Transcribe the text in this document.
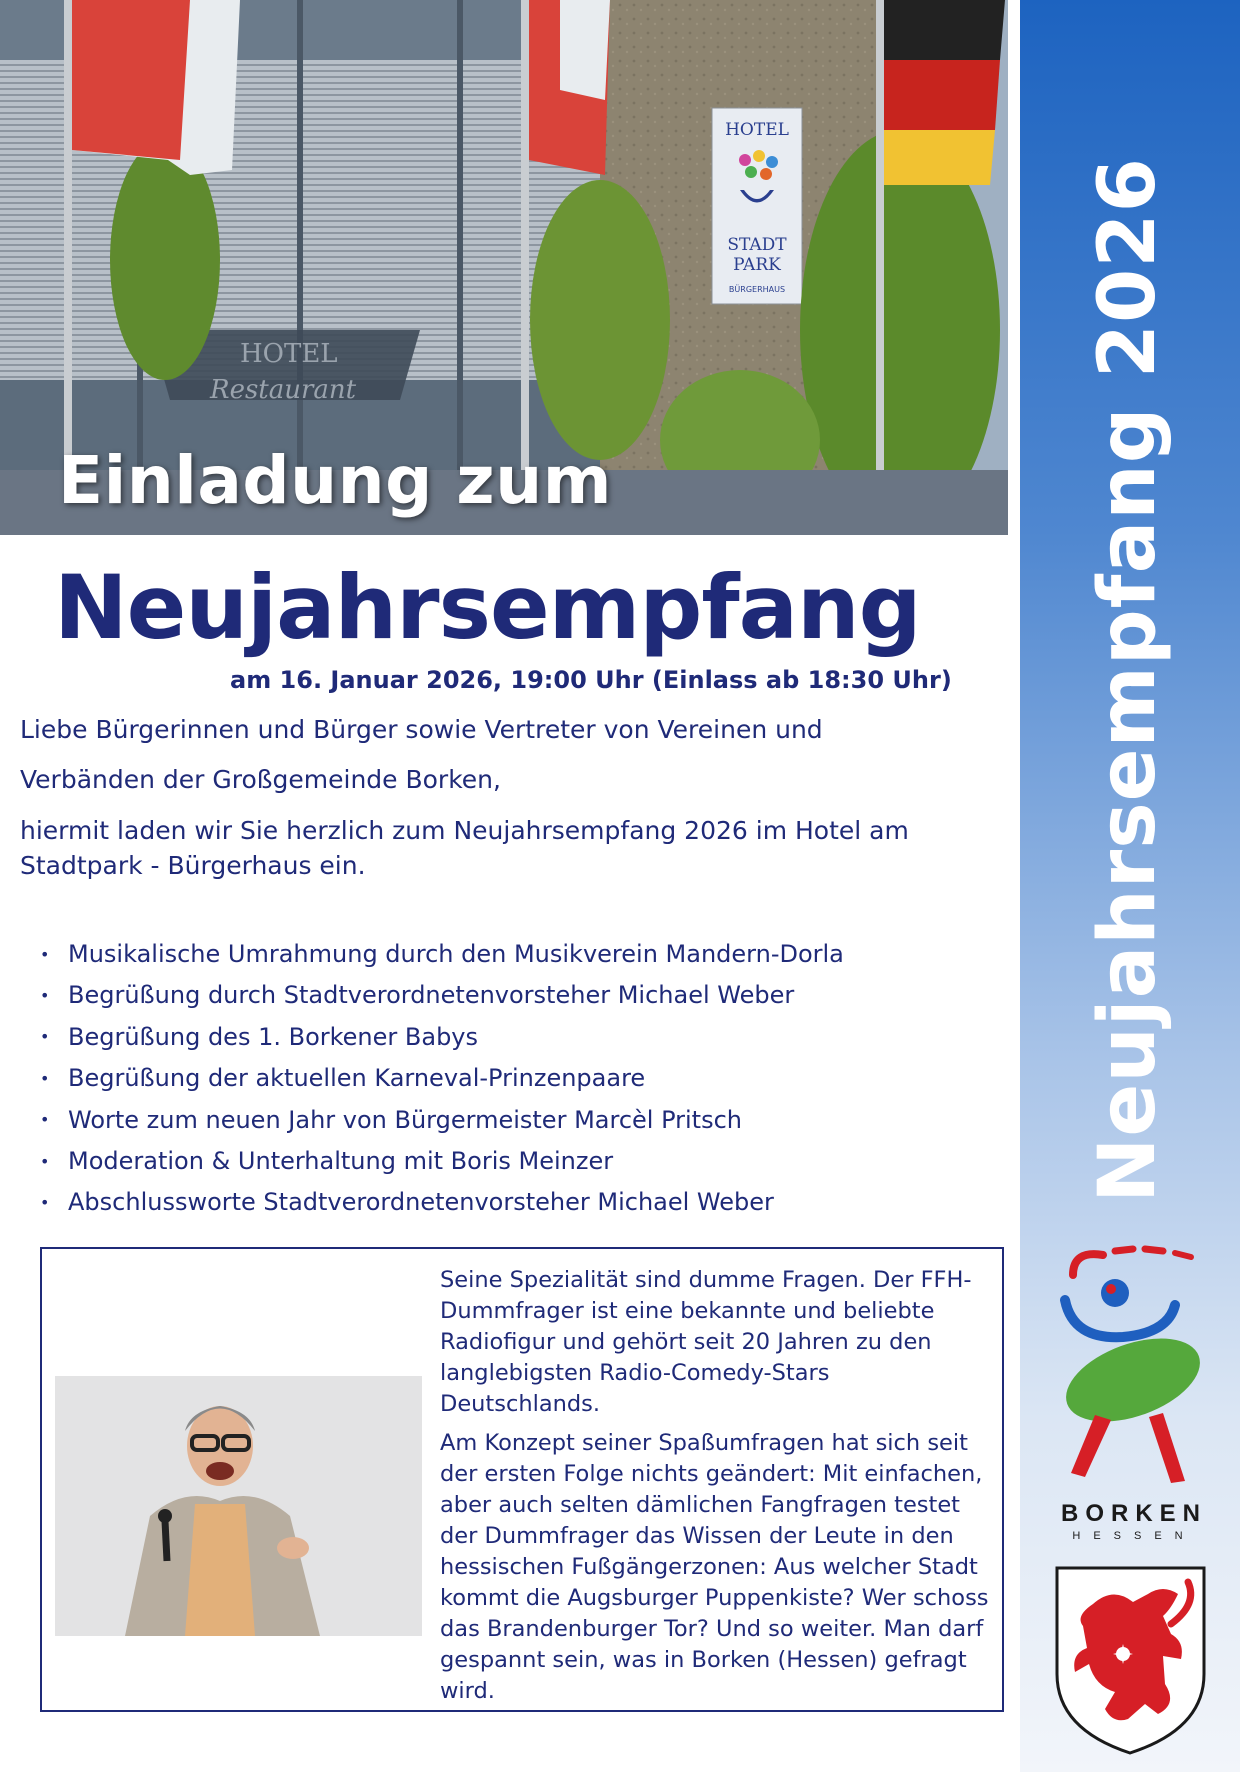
HOTEL
STADT
PARK
BÜRGERHAUS
HOTEL
Restaurant
Einladung zum
Neujahrsempfang
am 16. Januar 2026, 19:00 Uhr (Einlass ab 18:30 Uhr)

Liebe Bürgerinnen und Bürger sowie Vertreter von Vereinen und

Verbänden der Großgemeinde Borken,

hiermit laden wir Sie herzlich zum Neujahrsempfang 2026 im Hotel am Stadtpark - Bürgerhaus ein.

• Musikalische Umrahmung durch den Musikverein Mandern-Dorla
• Begrüßung durch Stadtverordnetenvorsteher Michael Weber
• Begrüßung des 1. Borkener Babys
• Begrüßung der aktuellen Karneval-Prinzenpaare
• Worte zum neuen Jahr von Bürgermeister Marcèl Pritsch
• Moderation & Unterhaltung mit Boris Meinzer
• Abschlussworte Stadtverordnetenvorsteher Michael Weber

Seine Spezialität sind dumme Fragen. Der FFH-Dummfrager ist eine bekannte und beliebte Radiofigur und gehört seit 20 Jahren zu den langlebigsten Radio-Comedy-Stars Deutschlands.

Am Konzept seiner Spaßumfragen hat sich seit der ersten Folge nichts geändert: Mit einfachen, aber auch selten dämlichen Fangfragen testet der Dummfrager das Wissen der Leute in den hessischen Fußgängerzonen: Aus welcher Stadt kommt die Augsburger Puppenkiste? Wer schoss das Brandenburger Tor? Und so weiter. Man darf gespannt sein, was in Borken (Hessen) gefragt wird.

Neujahrsempfang 2026
BORKEN
HESSEN
